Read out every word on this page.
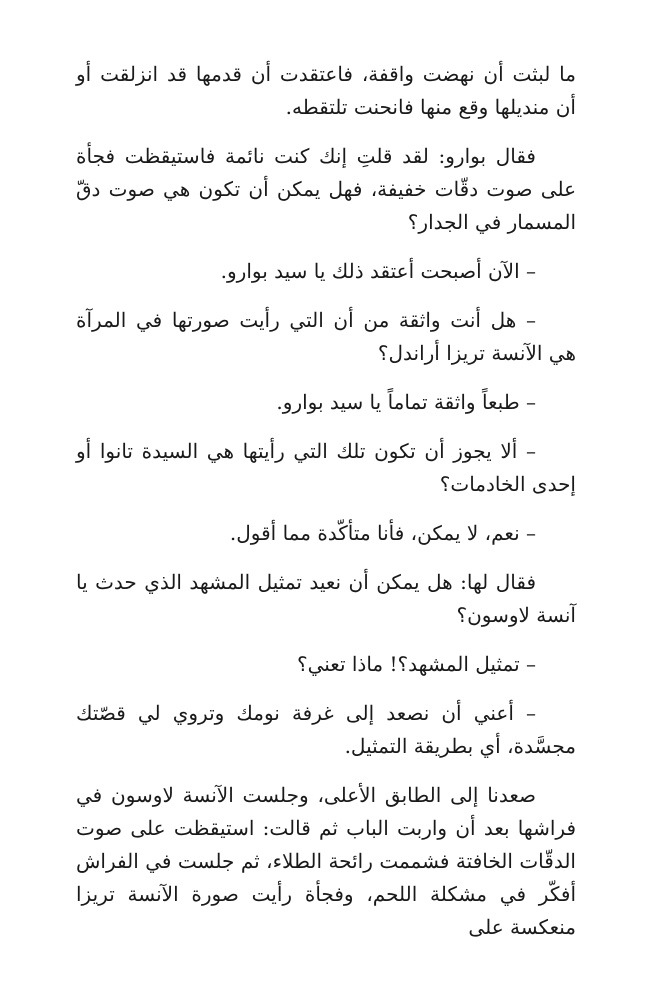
ما لبثت أن نهضت واقفة، فاعتقدت أن قدمها قد انزلقت أو أن منديلها وقع منها فانحنت تلتقطه.

فقال بوارو: لقد قلتِ إنك كنت نائمة فاستيقظت فجأة على صوت دقّات خفيفة، فهل يمكن أن تكون هي صوت دقّ المسمار في الجدار؟

– الآن أصبحت أعتقد ذلك يا سيد بوارو.

– هل أنت واثقة من أن التي رأيت صورتها في المرآة هي الآنسة تريزا أراندل؟

– طبعاً واثقة تماماً يا سيد بوارو.

– ألا يجوز أن تكون تلك التي رأيتها هي السيدة تانوا أو إحدى الخادمات؟

– نعم، لا يمكن، فأنا متأكّدة مما أقول.

فقال لها: هل يمكن أن نعيد تمثيل المشهد الذي حدث يا آنسة لاوسون؟

– تمثيل المشهد؟! ماذا تعني؟

– أعني أن نصعد إلى غرفة نومك وتروي لي قصّتك مجسَّدة، أي بطريقة التمثيل.

صعدنا إلى الطابق الأعلى، وجلست الآنسة لاوسون في فراشها بعد أن واربت الباب ثم قالت: استيقظت على صوت الدقّات الخافتة فشممت رائحة الطلاء، ثم جلست في الفراش أفكّر في مشكلة اللحم، وفجأة رأيت صورة الآنسة تريزا منعكسة على
